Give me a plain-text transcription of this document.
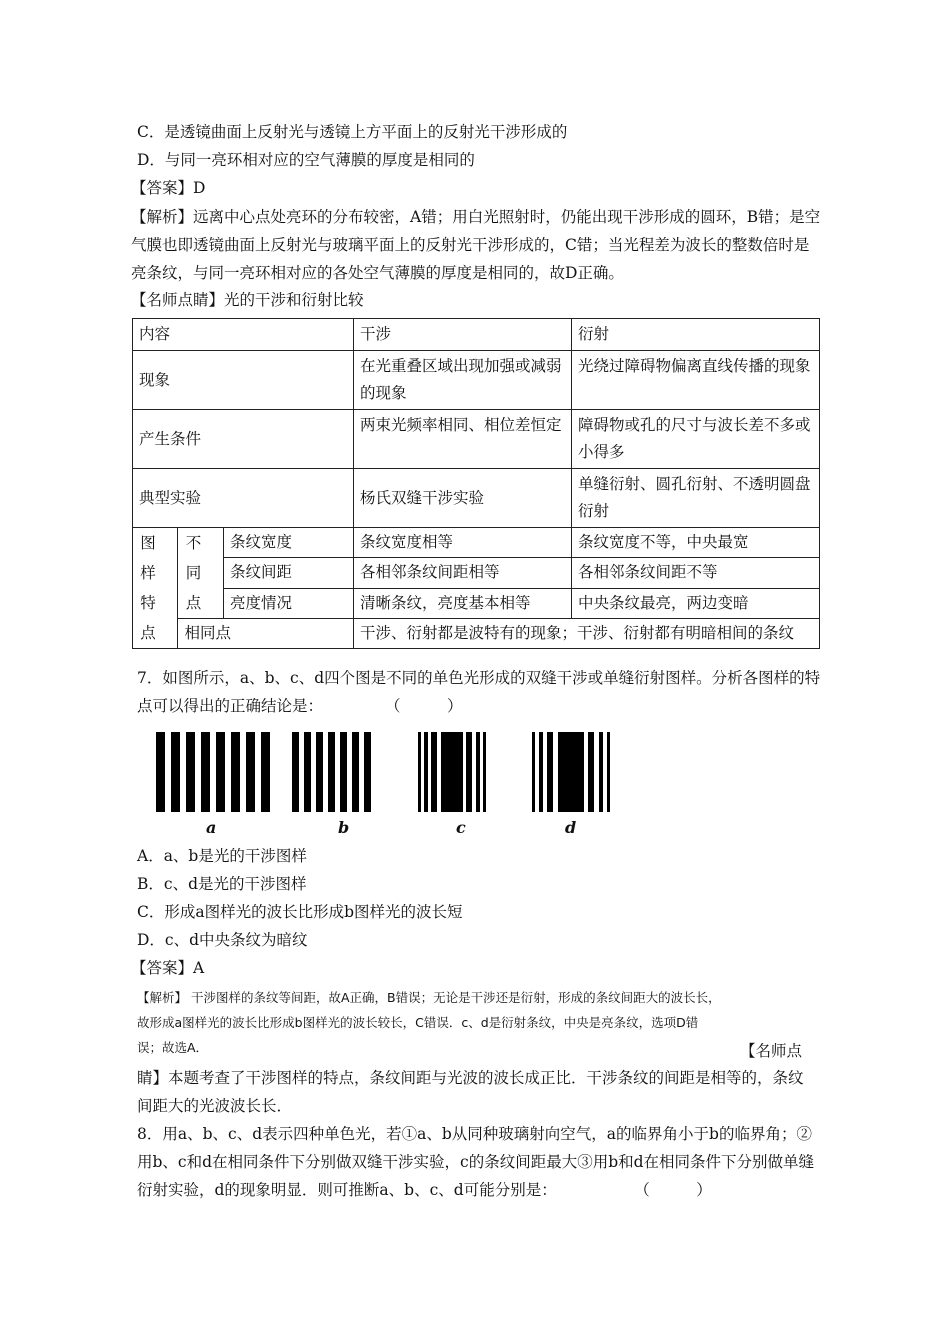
C．是透镜曲面上反射光与透镜上方平面上的反射光干涉形成的
D．与同一亮环相对应的空气薄膜的厚度是相同的
【答案】D
【解析】远离中心点处亮环的分布较密，A错；用白光照射时，仍能出现干涉形成的圆环，B错；是空气膜也即透镜曲面上反射光与玻璃平面上的反射光干涉形成的，C错；当光程差为波长的整数倍时是亮条纹，与同一亮环相对应的各处空气薄膜的厚度是相同的，故D正确。
【名师点睛】光的干涉和衍射比较
内容			干涉	衍射
现象			在光重叠区域出现加强或减弱的现象	光绕过障碍物偏离直线传播的现象
产生条件			两束光频率相同、相位差恒定	障碍物或孔的尺寸与波长差不多或小得多
典型实验			杨氏双缝干涉实验	单缝衍射、圆孔衍射、不透明圆盘衍射

图样特点	不同点	条纹宽度	条纹宽度相等	条纹宽度不等，中央最宽
		条纹间距	各相邻条纹间距相等	各相邻条纹间距不等
		亮度情况	清晰条纹，亮度基本相等	中央条纹最亮，两边变暗
	相同点		干涉、衍射都是波特有的现象；干涉、衍射都有明暗相间的条纹	
7．如图所示，a、b、c、d四个图是不同的单色光形成的双缝干涉或单缝衍射图样。分析各图样的特点可以得出的正确结论是：　　　　　（　　　）
a	b	c	d
A．a、b是光的干涉图样
B．c、d是光的干涉图样
C．形成a图样光的波长比形成b图样光的波长短
D．c、d中央条纹为暗纹
【答案】A
【解析】 干涉图样的条纹等间距，故A正确，B错误；无论是干涉还是衍射，形成的条纹间距大的波长长，
故形成a图样光的波长比形成b图样光的波长较长，C错误．c、d是衍射条纹，中央是亮条纹，选项D错
误；故选A．	【名师点
睛】本题考查了干涉图样的特点，条纹间距与光波的波长成正比．干涉条纹的间距是相等的，条纹间距大的光波波长长．
8．用a、b、c、d表示四种单色光，若①a、b从同种玻璃射向空气，a的临界角小于b的临界角；②用b、c和d在相同条件下分别做双缝干涉实验，c的条纹间距最大③用b和d在相同条件下分别做单缝衍射实验，d的现象明显．则可推断a、b、c、d可能分别是：　　　　　　（　　　）
